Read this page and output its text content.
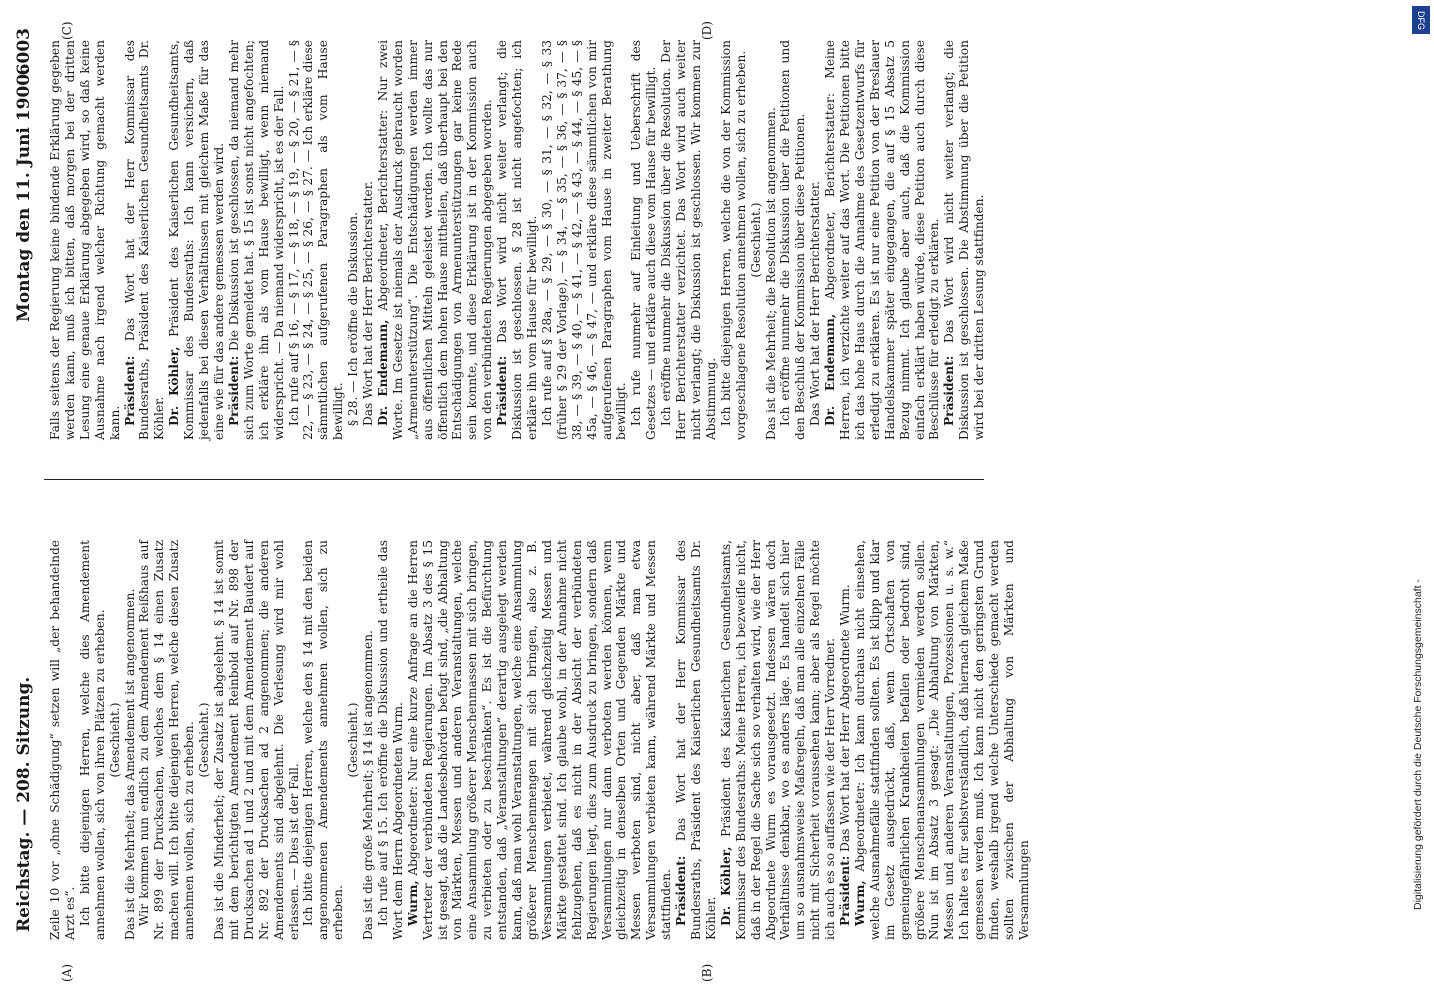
Reichstag. — 208. Sitzung.
Montag den 11. Juni 1900.
6003
(A)	(B)
(C)	(D)

Zeile 10 vor „ohne Schädigung“ setzen will „der behandelnde Arzt es“. Ich bitte diejenigen Herren, welche dies Amendement annehmen wollen, sich von ihren Plätzen zu erheben. (Geschieht.) Das ist die Mehrheit; das Amendement ist angenommen. Wir kommen nun endlich zu dem Amendement Reißhaus auf Nr. 899 der Drucksachen, welches dem § 14 einen Zusatz machen will. Ich bitte diejenigen Herren, welche diesen Zusatz annehmen wollen, sich zu erheben. (Geschieht.) Das ist die Minderheit; der Zusatz ist abgelehnt. § 14 ist somit mit dem berichtigten Amendement Reinbold auf Nr. 898 der Drucksachen ad 1 und 2 und mit dem Amendement Baudert auf Nr. 892 der Drucksachen ad 2 angenommen; die anderen Amendements sind abgelehnt. Die Verlesung wird mir wohl erlassen. — Dies ist der Fall. Ich bitte diejenigen Herren, welche den § 14 mit den beiden angenommenen Amendements annehmen wollen, sich zu erheben.

(Geschieht.) Das ist die große Mehrheit; § 14 ist angenommen. Ich rufe auf § 15. Ich eröffne die Diskussion und ertheile das Wort dem Herrn Abgeordneten Wurm. Wurm, Abgeordneter: Nur eine kurze Anfrage an die Herren Vertreter der verbündeten Regierungen. Im Absatz 3 des § 15 ist gesagt, daß die Landesbehörden befugt sind, „die Abhaltung von Märkten, Messen und anderen Veranstaltungen, welche eine Ansammlung größerer Menschenmassen mit sich bringen, zu verbieten oder zu beschränken“. Es ist die Befürchtung entstanden, daß „Veranstaltungen“ derartig ausgelegt werden kann, daß man wohl Veranstaltungen, welche eine Ansammlung größerer Menschenmengen mit sich bringen, also z. B. Versammlungen verbietet, während gleichzeitig Messen und Märkte gestattet sind. Ich glaube wohl, in der Annahme nicht fehlzugehen, daß es nicht in der Absicht der verbündeten Regierungen liegt, dies zum Ausdruck zu bringen, sondern daß Versammlungen nur dann verboten werden können, wenn gleichzeitig in denselben Orten und Gegenden Märkte und Messen verboten sind, nicht aber, daß man etwa Versammlungen verbieten kann, während Märkte und Messen stattfinden. Präsident: Das Wort hat der Herr Kommissar des Bundesraths, Präsident des Kaiserlichen Gesundheitsamts Dr. Köhler. Dr. Köhler, Präsident des Kaiserlichen Gesundheitsamts, Kommissar des Bundesraths: Meine Herren, ich bezweifle nicht, daß in der Regel die Sache sich so verhalten wird, wie der Herr Abgeordnete Wurm es vorausgesetzt. Indessen wären doch Verhältnisse denkbar, wo es anders läge. Es handelt sich hier um so ausnahmsweise Maßregeln, daß man alle einzelnen Fälle nicht mit Sicherheit voraussehen kann; aber als Regel möchte ich auch es so auffassen wie der Herr Vorredner. Präsident: Das Wort hat der Herr Abgeordnete Wurm.

Wurm, Abgeordneter: Ich kann durchaus nicht einsehen, welche Ausnahmefälle stattfinden sollten. Es ist klipp und klar im Gesetz ausgedrückt, daß, wenn Ortschaften von gemeingefährlichen Krankheiten befallen oder bedroht sind, größere Menschenansammlungen vermieden werden sollen. Nun ist im Absatz 3 gesagt: „Die Abhaltung von Märkten, Messen und anderen Veranstaltungen, Prozessionen u. s. w.“ Ich halte es für selbstverständlich, daß hiernach gleichem Maße gemessen werden muß. Ich kann nicht den geringsten Grund finden, weshalb irgend welche Unterschiede gemacht werden sollten zwischen der Abhaltung von Märkten und Versammlungen

Falls seitens der Regierung keine bindende Erklärung gegeben werden kann, muß ich bitten, daß morgen bei der dritten Lesung eine genaue Erklärung abgegeben wird, so daß keine Ausnahme nach irgend welcher Richtung gemacht werden kann. Präsident: Das Wort hat der Herr Kommissar des Bundesraths, Präsident des Kaiserlichen Gesundheitsamts Dr. Köhler. Dr. Köhler, Präsident des Kaiserlichen Gesundheitsamts, Kommissar des Bundesraths: Ich kann versichern, daß jedenfalls bei diesen Verhältnissen mit gleichem Maße für das eine wie für das andere gemessen werden wird. Präsident: Die Diskussion ist geschlossen, da niemand mehr sich zum Worte gemeldet hat. § 15 ist sonst nicht angefochten; ich erkläre ihn als vom Hause bewilligt, wenn niemand widerspricht. — Da niemand widerspricht, ist es der Fall. Ich rufe auf § 16, — § 17, — § 18, — § 19, — § 20, — § 21, — § 22, — § 23, — § 24, — § 25, — § 26, — § 27. — Ich erkläre diese sämmtlichen aufgerufenen Paragraphen als vom Hause bewilligt. § 28. — Ich eröffne die Diskussion. Das Wort hat der Herr Berichterstatter. Dr. Endemann, Abgeordneter, Berichterstatter: Nur zwei Worte. Im Gesetze ist niemals der Ausdruck gebraucht worden „Armenunterstützung“. Die Entschädigungen werden immer aus öffentlichen Mitteln geleistet werden. Ich wollte das nur öffentlich dem hohen Hause mittheilen, daß überhaupt bei den Entschädigungen von Armenunterstützungen gar keine Rede sein konnte, und diese Erklärung ist in der Kommission auch von den verbündeten Regierungen abgegeben worden. Präsident: Das Wort wird nicht weiter verlangt; die Diskussion ist geschlossen. § 28 ist nicht angefochten; ich erkläre ihn vom Hause für bewilligt. Ich rufe auf § 28a, — § 29, — § 30, — § 31, — § 32, — § 33 (früher § 29 der Vorlage), — § 34, — § 35, — § 36, — § 37, — § 38, — § 39, — § 40, — § 41, — § 42, — § 43, — § 44, — § 45, — § 45a, — § 46, — § 47, — und erkläre diese sämmtlichen von mir aufgerufenen Paragraphen vom Hause in zweiter Berathung bewilligt. Ich rufe nunmehr auf Einleitung und Ueberschrift des Gesetzes — und erkläre auch diese vom Hause für bewilligt. Ich eröffne nunmehr die Diskussion über die Resolution. Der Herr Berichterstatter verzichtet. Das Wort wird auch weiter nicht verlangt; die Diskussion ist geschlossen. Wir kommen zur Abstimmung. Ich bitte diejenigen Herren, welche die von der Kommission vorgeschlagene Resolution annehmen wollen, sich zu erheben. (Geschieht.) Das ist die Mehrheit; die Resolution ist angenommen. Ich eröffne nunmehr die Diskussion über die Petitionen und den Beschluß der Kommission über diese Petitionen. Das Wort hat der Herr Berichterstatter. Dr. Endemann, Abgeordneter, Berichterstatter: Meine Herren, ich verzichte weiter auf das Wort. Die Petitionen bitte ich das hohe Haus durch die Annahme des Gesetzentwurfs für erledigt zu erklären. Es ist nur eine Petition von der Breslauer Handelskammer später eingegangen, die auf § 15 Absatz 5 Bezug nimmt. Ich glaube aber auch, daß die Kommission einfach erklärt haben würde, diese Petition auch durch diese Beschlüsse für erledigt zu erklären. Präsident: Das Wort wird nicht weiter verlangt; die Diskussion ist geschlossen. Die Abstimmung über die Petition wird bei der dritten Lesung stattfinden.

Digitalisierung gefördert durch die Deutsche Forschungsgemeinschaft -
DFG
